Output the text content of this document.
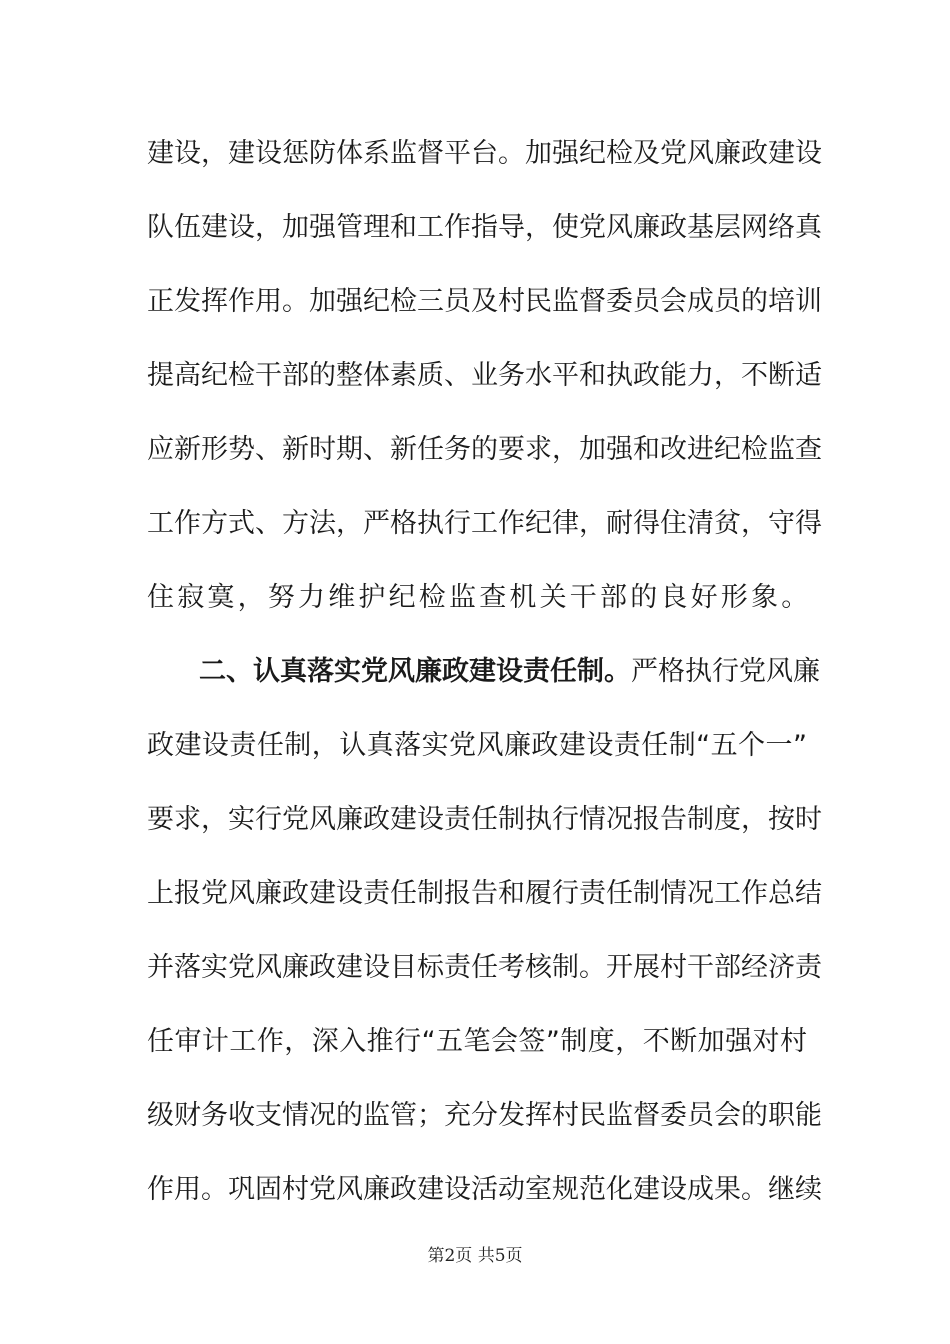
建设，建设惩防体系监督平台。加强纪检及党风廉政建设
队伍建设，加强管理和工作指导，使党风廉政基层网络真
正发挥作用。加强纪检三员及村民监督委员会成员的培训
提高纪检干部的整体素质、业务水平和执政能力，不断适
应新形势、新时期、新任务的要求，加强和改进纪检监查
工作方式、方法，严格执行工作纪律，耐得住清贫，守得
住寂寞，努力维护纪检监查机关干部的良好形象。
二、认真落实党风廉政建设责任制。严格执行党风廉
政建设责任制，认真落实党风廉政建设责任制“五个一”
要求，实行党风廉政建设责任制执行情况报告制度，按时
上报党风廉政建设责任制报告和履行责任制情况工作总结
并落实党风廉政建设目标责任考核制。开展村干部经济责
任审计工作，深入推行“五笔会签”制度，不断加强对村
级财务收支情况的监管；充分发挥村民监督委员会的职能
作用。巩固村党风廉政建设活动室规范化建设成果。继续
第2页 共5页
